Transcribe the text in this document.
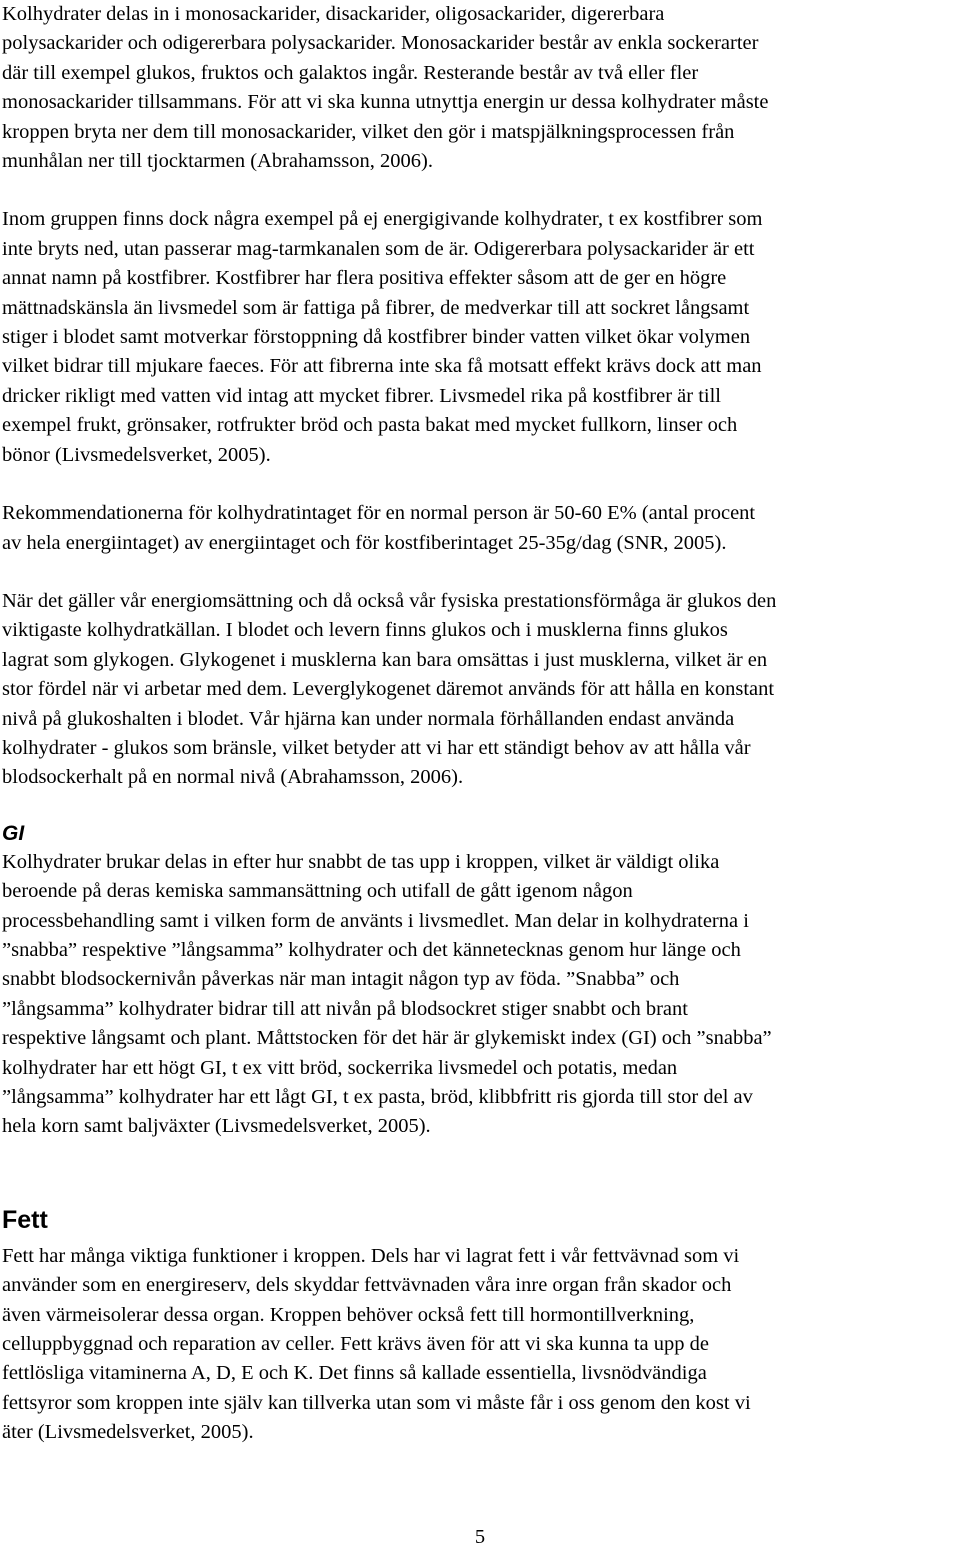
Kolhydrater delas in i monosackarider, disackarider, oligosackarider, digererbara
polysackarider och odigererbara polysackarider. Monosackarider består av enkla sockerarter
där till exempel glukos, fruktos och galaktos ingår. Resterande består av två eller fler
monosackarider tillsammans. För att vi ska kunna utnyttja energin ur dessa kolhydrater måste
kroppen bryta ner dem till monosackarider, vilket den gör i matspjälkningsprocessen från
munhålan ner till tjocktarmen (Abrahamsson, 2006).

Inom gruppen finns dock några exempel på ej energigivande kolhydrater, t ex kostfibrer som
inte bryts ned, utan passerar mag-tarmkanalen som de är. Odigererbara polysackarider är ett
annat namn på kostfibrer. Kostfibrer har flera positiva effekter såsom att de ger en högre
mättnadskänsla än livsmedel som är fattiga på fibrer, de medverkar till att sockret långsamt
stiger i blodet samt motverkar förstoppning då kostfibrer binder vatten vilket ökar volymen
vilket bidrar till mjukare faeces. För att fibrerna inte ska få motsatt effekt krävs dock att man
dricker rikligt med vatten vid intag att mycket fibrer. Livsmedel rika på kostfibrer är till
exempel frukt, grönsaker, rotfrukter bröd och pasta bakat med mycket fullkorn, linser och
bönor (Livsmedelsverket, 2005).

Rekommendationerna för kolhydratintaget för en normal person är 50-60 E% (antal procent
av hela energiintaget) av energiintaget och för kostfiberintaget 25-35g/dag (SNR, 2005).

När det gäller vår energiomsättning och då också vår fysiska prestationsförmåga är glukos den
viktigaste kolhydratkällan. I blodet och levern finns glukos och i musklerna finns glukos
lagrat som glykogen. Glykogenet i musklerna kan bara omsättas i just musklerna, vilket är en
stor fördel när vi arbetar med dem. Leverglykogenet däremot används för att hålla en konstant
nivå på glukoshalten i blodet. Vår hjärna kan under normala förhållanden endast använda
kolhydrater - glukos som bränsle, vilket betyder att vi har ett ständigt behov av att hålla vår
blodsockerhalt på en normal nivå (Abrahamsson, 2006).

GI

Kolhydrater brukar delas in efter hur snabbt de tas upp i kroppen, vilket är väldigt olika
beroende på deras kemiska sammansättning och utifall de gått igenom någon
processbehandling samt i vilken form de använts i livsmedlet. Man delar in kolhydraterna i
”snabba” respektive ”långsamma” kolhydrater och det kännetecknas genom hur länge och
snabbt blodsockernivån påverkas när man intagit någon typ av föda. ”Snabba” och
”långsamma” kolhydrater bidrar till att nivån på blodsockret stiger snabbt och brant
respektive långsamt och plant. Måttstocken för det här är glykemiskt index (GI) och ”snabba”
kolhydrater har ett högt GI, t ex vitt bröd, sockerrika livsmedel och potatis, medan
”långsamma” kolhydrater har ett lågt GI, t ex pasta, bröd, klibbfritt ris gjorda till stor del av
hela korn samt baljväxter (Livsmedelsverket, 2005).

Fett

Fett har många viktiga funktioner i kroppen. Dels har vi lagrat fett i vår fettvävnad som vi
använder som en energireserv, dels skyddar fettvävnaden våra inre organ från skador och
även värmeisolerar dessa organ. Kroppen behöver också fett till hormontillverkning,
celluppbyggnad och reparation av celler. Fett krävs även för att vi ska kunna ta upp de
fettlösliga vitaminerna A, D, E och K. Det finns så kallade essentiella, livsnödvändiga
fettsyror som kroppen inte själv kan tillverka utan som vi måste får i oss genom den kost vi
äter (Livsmedelsverket, 2005).

5
